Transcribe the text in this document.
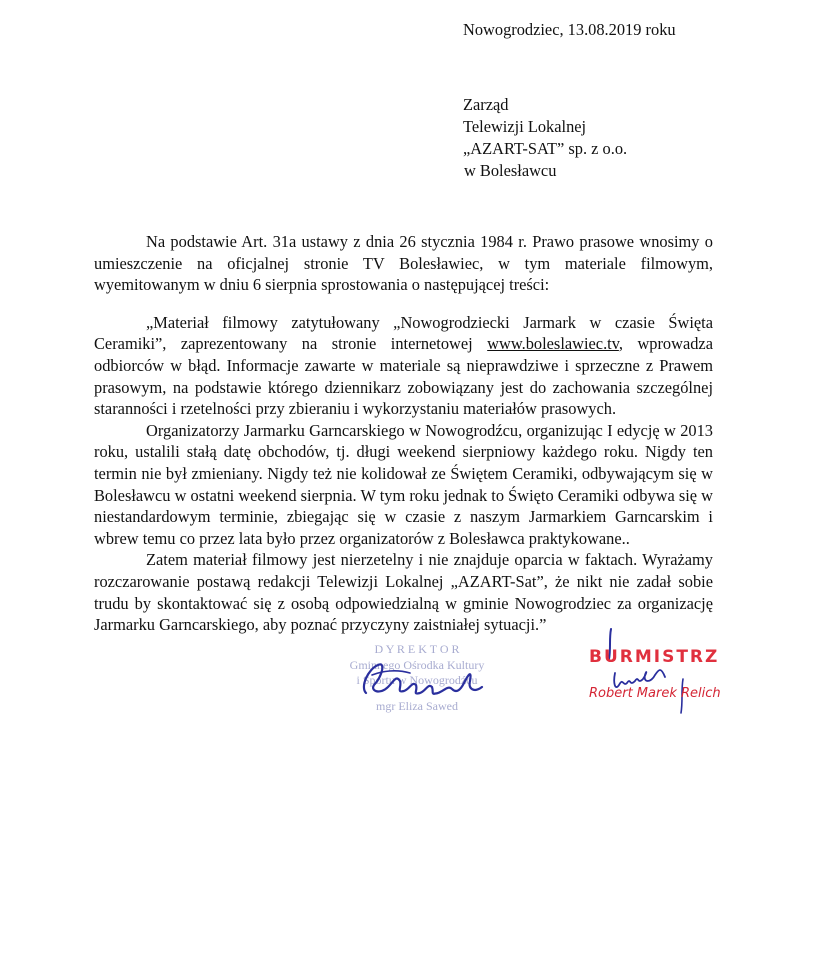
Nowogrodziec, 13.08.2019 roku
Zarząd
Telewizji Lokalnej
„AZART-SAT” sp. z o.o.
w Bolesławcu

Na podstawie Art. 31a ustawy z dnia 26 stycznia 1984 r. Prawo prasowe wnosimy o umieszczenie na oficjalnej stronie TV Bolesławiec, w tym materiale filmowym, wyemitowanym w dniu 6 sierpnia sprostowania o następującej treści:

„Materiał filmowy zatytułowany „Nowogrodziecki Jarmark w czasie Święta Ceramiki”, zaprezentowany na stronie internetowej www.boleslawiec.tv, wprowadza odbiorców w błąd. Informacje zawarte w materiale są nieprawdziwe i sprzeczne z Prawem prasowym, na podstawie którego dziennikarz zobowiązany jest do zachowania szczególnej staranności i rzetelności przy zbieraniu i wykorzystaniu materiałów prasowych.

Organizatorzy Jarmarku Garncarskiego w Nowogrodźcu, organizując I edycję w 2013 roku, ustalili stałą datę obchodów, tj. długi weekend sierpniowy każdego roku. Nigdy ten termin nie był zmieniany. Nigdy też nie kolidował ze Świętem Ceramiki, odbywającym się w Bolesławcu w ostatni weekend sierpnia. W tym roku jednak to Święto Ceramiki odbywa się w niestandardowym terminie, zbiegając się w czasie z naszym Jarmarkiem Garncarskim i wbrew temu co przez lata było przez organizatorów z Bolesławca praktykowane..

Zatem materiał filmowy jest nierzetelny i nie znajduje oparcia w faktach. Wyrażamy rozczarowanie postawą redakcji Telewizji Lokalnej „AZART-Sat”, że nikt nie zadał sobie trudu by skontaktować się z osobą odpowiedzialną w gminie Nowogrodziec za organizację Jarmarku Garncarskiego, aby poznać przyczyny zaistniałej sytuacji.”

D Y R E K T O R
Gminnego Ośrodka Kultury
i Sportu w Nowogrodźcu
mgr Eliza Sawed
BURMISTRZ
Robert Marek Relich
